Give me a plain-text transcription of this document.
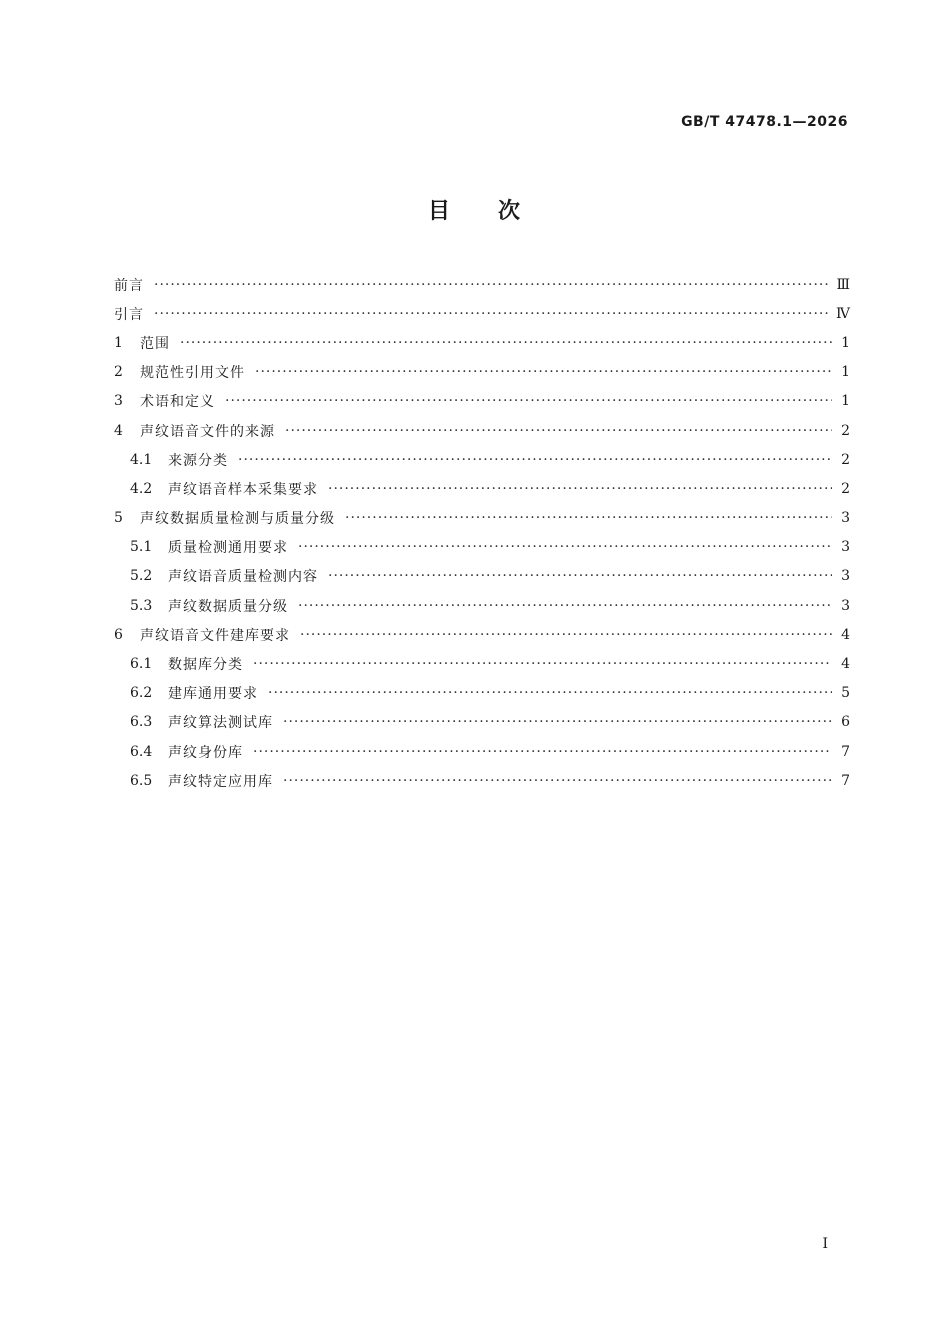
GB/T 47478.1—2026
目 次
前言 ·····	Ⅲ
引言 ·····	Ⅳ
1	范围 ·····	1
2	规范性引用文件 ·····	1
3	术语和定义 ·····	1
4	声纹语音文件的来源 ·····	2
4.1	来源分类 ·····	2
4.2	声纹语音样本采集要求 ·····	2
5	声纹数据质量检测与质量分级 ·····	3
5.1	质量检测通用要求 ·····	3
5.2	声纹语音质量检测内容 ·····	3
5.3	声纹数据质量分级 ·····	3
6	声纹语音文件建库要求 ·····	4
6.1	数据库分类 ·····	4
6.2	建库通用要求 ·····	5
6.3	声纹算法测试库 ·····	6
6.4	声纹身份库 ·····	7
6.5	声纹特定应用库 ·····	7
I
